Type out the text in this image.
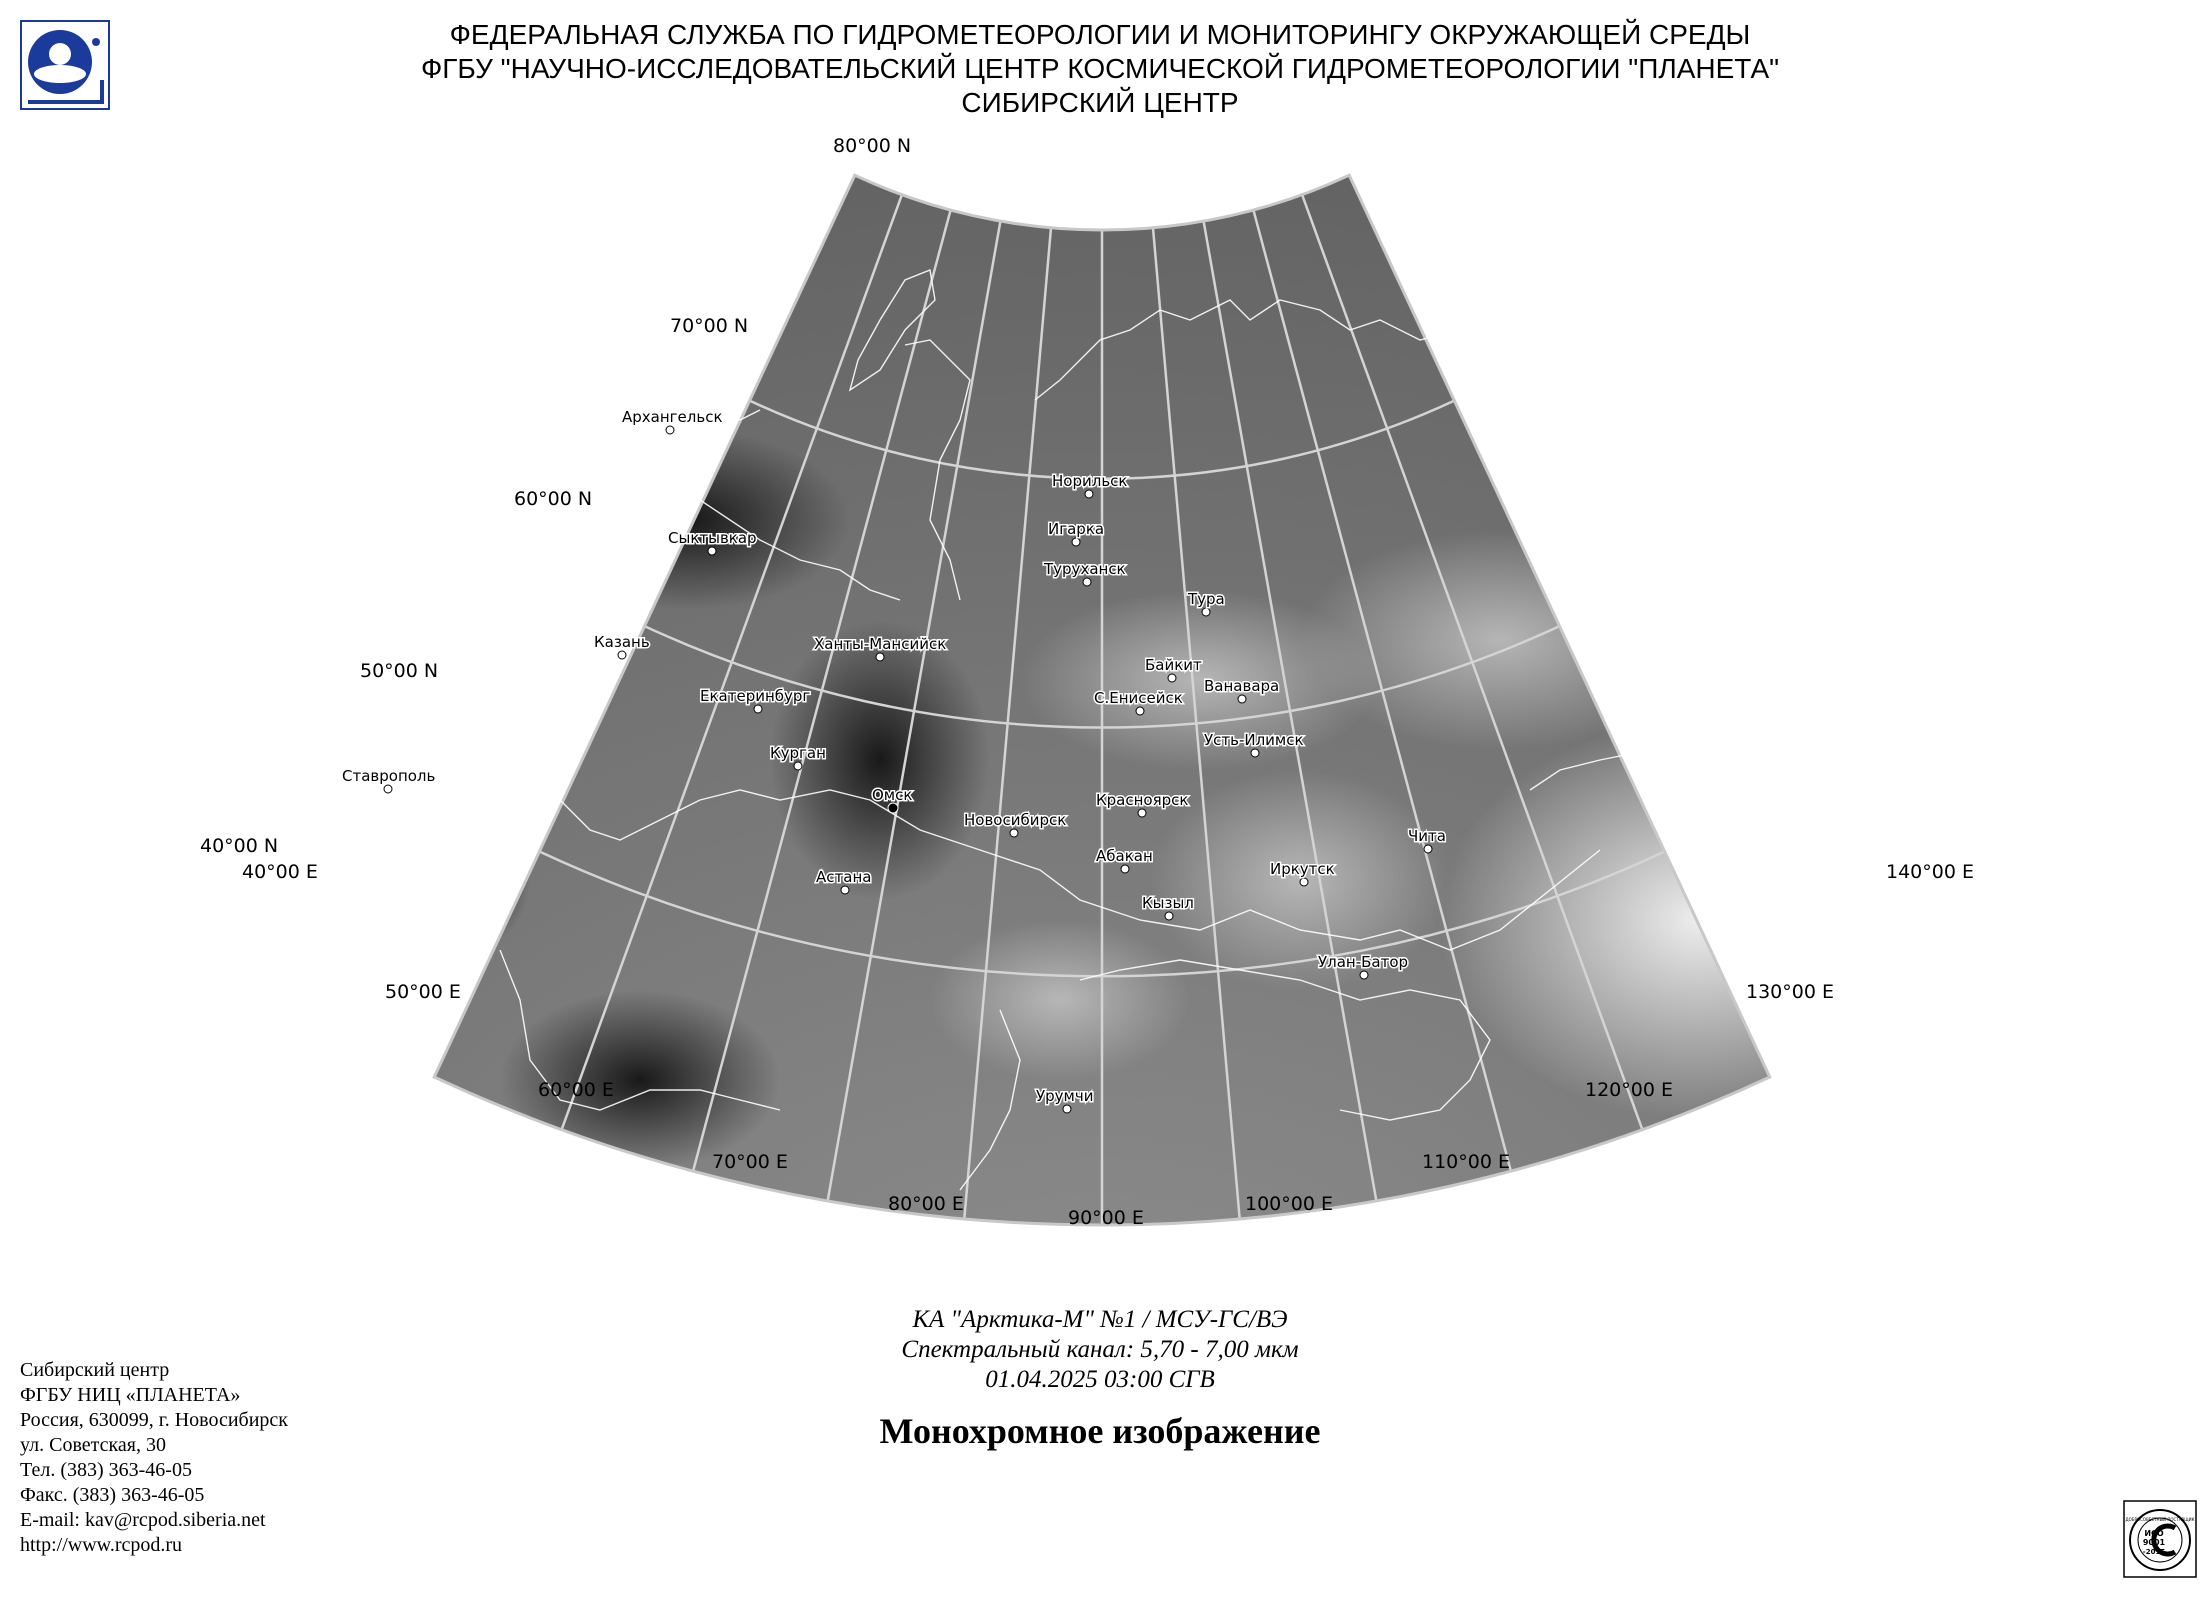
ФЕДЕРАЛЬНАЯ СЛУЖБА ПО ГИДРОМЕТЕОРОЛОГИИ И МОНИТОРИНГУ ОКРУЖАЮЩЕЙ СРЕДЫ
ФГБУ "НАУЧНО-ИССЛЕДОВАТЕЛЬСКИЙ ЦЕНТР КОСМИЧЕСКОЙ ГИДРОМЕТЕОРОЛОГИИ "ПЛАНЕТА"
СИБИРСКИЙ ЦЕНТР
80°00 N
70°00 N
60°00 N
50°00 N
40°00 N
40°00 E
50°00 E
60°00 E
70°00 E
80°00 E
90°00 E
100°00 E
110°00 E
120°00 E
130°00 E
140°00 E
Архангельск
Сыктывкар
Казань
Ставрополь
Екатеринбург
Ханты-Мансийск
Курган
Омск
Астана
Новосибирск
Норильск
Игарка
Туруханск
Тура
Байкит
Ванавара
С.Енисейск
Усть-Илимск
Красноярск
Абакан
Кызыл
Иркутск
Чита
Улан-Батор
Урумчи
КА "Арктика-М" №1 / МСУ-ГС/ВЭ
Спектральный канал: 5,70 - 7,00 мкм
01.04.2025 03:00 СГВ
Монохромное изображение
Сибирский центр
ФГБУ НИЦ «ПЛАНЕТА»
Россия, 630099, г. Новосибирск
ул. Советская, 30
Тел. (383) 363-46-05
Факс. (383) 363-46-05
E-mail: kav@rcpod.siberia.net
http://www.rcpod.ru
ДОБРОСОВЕСТНЫЙ ПОСТАВЩИК
ИСО
9001
-2015
